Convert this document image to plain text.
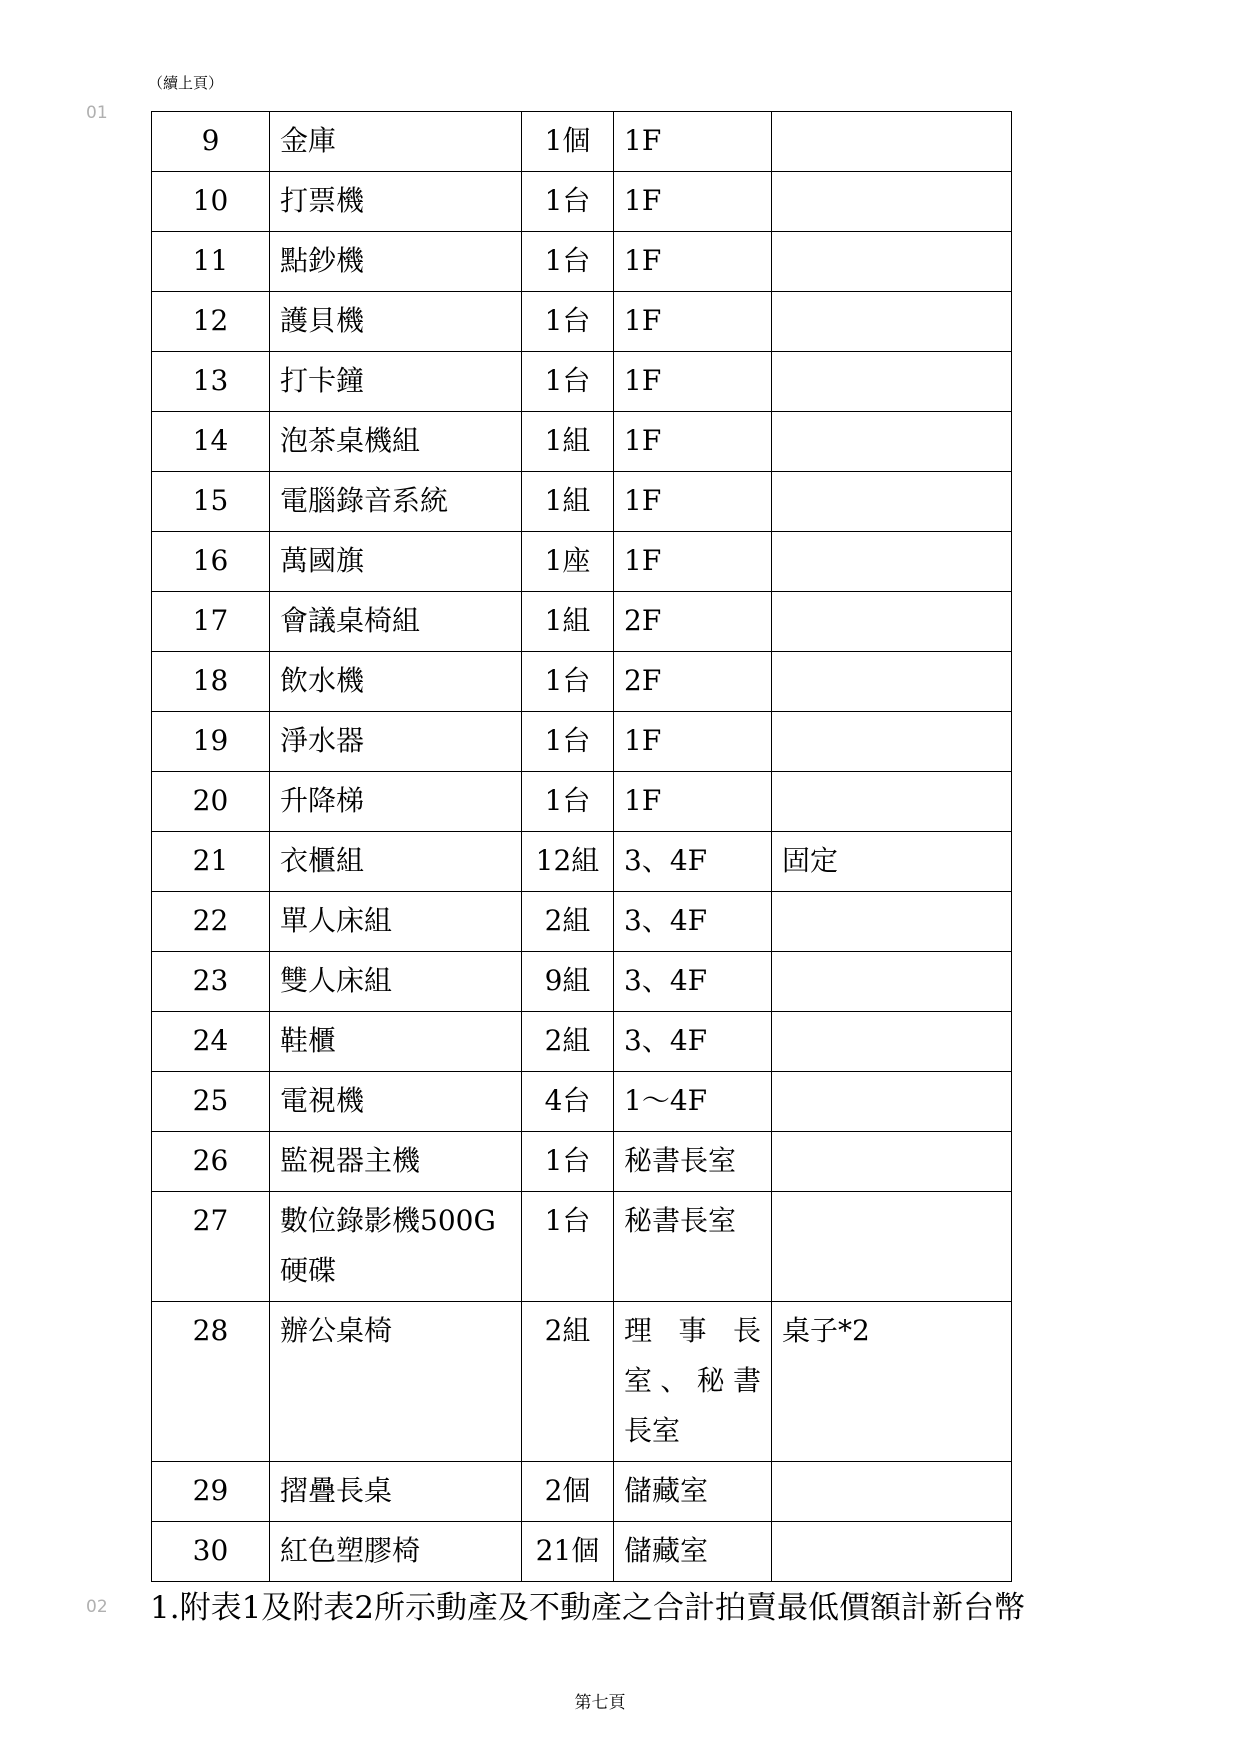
（續上頁）
01
02
9	金庫	1個	1F	
10	打票機	1台	1F	
11	點鈔機	1台	1F	
12	護貝機	1台	1F	
13	打卡鐘	1台	1F	
14	泡茶桌機組	1組	1F	
15	電腦錄音系統	1組	1F	
16	萬國旗	1座	1F	
17	會議桌椅組	1組	2F	
18	飲水機	1台	2F	
19	淨水器	1台	1F	
20	升降梯	1台	1F	
21	衣櫃組	12組	3、4F	固定
22	單人床組	2組	3、4F	
23	雙人床組	9組	3、4F	
24	鞋櫃	2組	3、4F	
25	電視機	4台	1～4F	
26	監視器主機	1台	秘書長室	
27	數位錄影機500G硬碟	1台	秘書長室	
28	辦公桌椅	2組	理事長室、秘書長室	桌子*2
29	摺疊長桌	2個	儲藏室	
30	紅色塑膠椅	21個	儲藏室	
1.附表1及附表2所示動產及不動產之合計拍賣最低價額計新台幣
第七頁
